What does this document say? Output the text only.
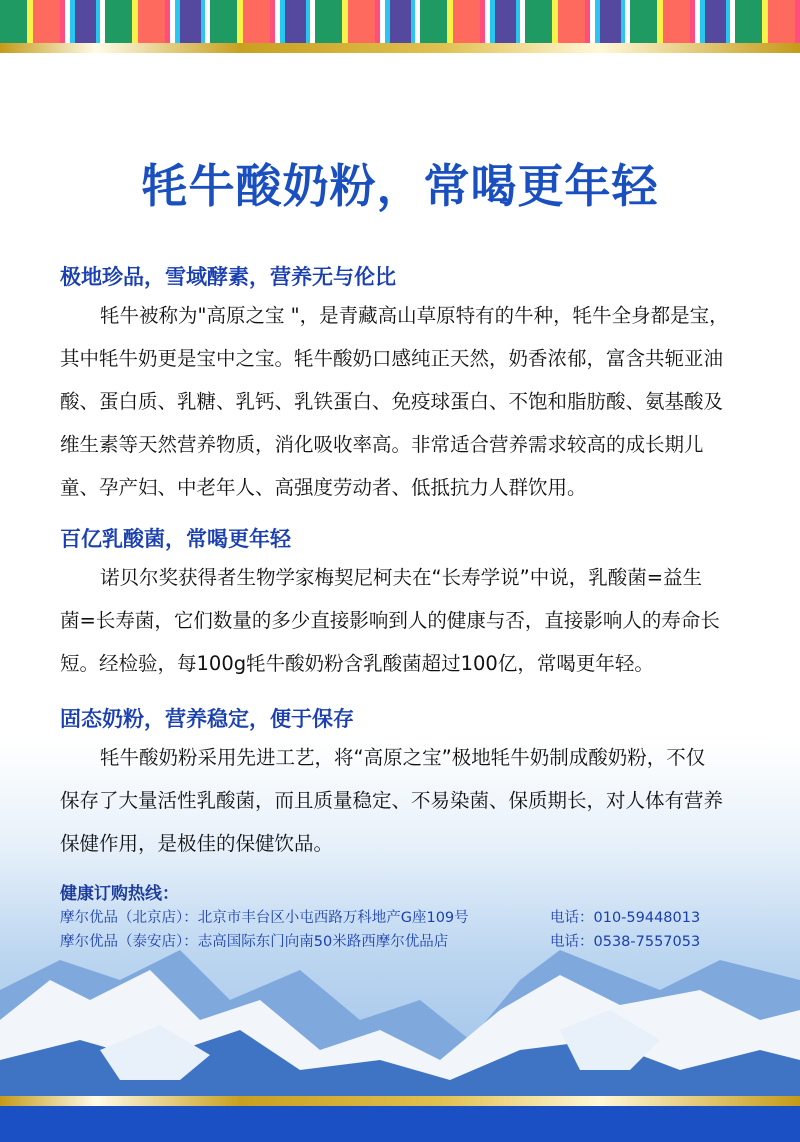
牦牛酸奶粉，常喝更年轻
极地珍品，雪域酵素，营养无与伦比
牦牛被称为"高原之宝 "，是青藏高山草原特有的牛种，牦牛全身都是宝，
其中牦牛奶更是宝中之宝。牦牛酸奶口感纯正天然，奶香浓郁，富含共轭亚油
酸、蛋白质、乳糖、乳钙、乳铁蛋白、免疫球蛋白、不饱和脂肪酸、氨基酸及
维生素等天然营养物质，消化吸收率高。非常适合营养需求较高的成长期儿
童、孕产妇、中老年人、高强度劳动者、低抵抗力人群饮用。
百亿乳酸菌，常喝更年轻
诺贝尔奖获得者生物学家梅契尼柯夫在“长寿学说”中说，乳酸菌=益生
菌=长寿菌，它们数量的多少直接影响到人的健康与否，直接影响人的寿命长
短。经检验，每100g牦牛酸奶粉含乳酸菌超过100亿，常喝更年轻。
固态奶粉，营养稳定，便于保存
牦牛酸奶粉采用先进工艺，将“高原之宝”极地牦牛奶制成酸奶粉，不仅
保存了大量活性乳酸菌，而且质量稳定、不易染菌、保质期长，对人体有营养
保健作用，是极佳的保健饮品。
健康订购热线：
摩尔优品（北京店）：北京市丰台区小屯西路万科地产G座109号	电话：010-59448013
摩尔优品（泰安店）：志高国际东门向南50米路西摩尔优品店	电话：0538-7557053
